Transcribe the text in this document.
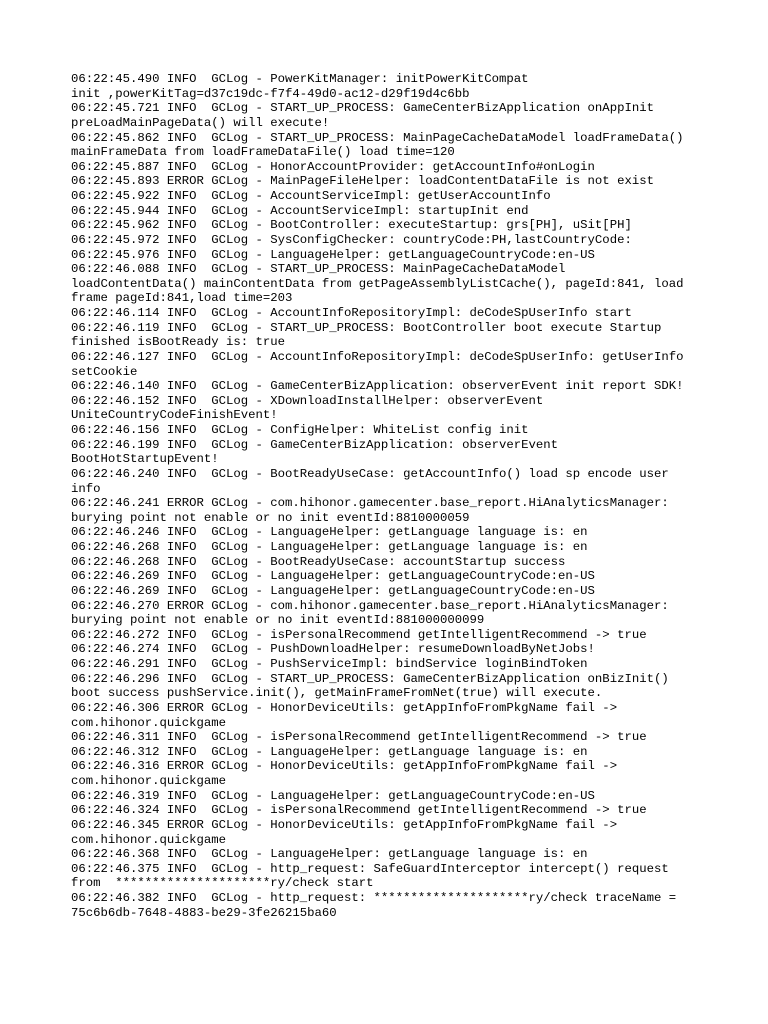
06:22:45.490 INFO  GCLog - PowerKitManager: initPowerKitCompat
init ,powerKitTag=d37c19dc-f7f4-49d0-ac12-d29f19d4c6bb
06:22:45.721 INFO  GCLog - START_UP_PROCESS: GameCenterBizApplication onAppInit
preLoadMainPageData() will execute!
06:22:45.862 INFO  GCLog - START_UP_PROCESS: MainPageCacheDataModel loadFrameData()
mainFrameData from loadFrameDataFile() load time=120
06:22:45.887 INFO  GCLog - HonorAccountProvider: getAccountInfo#onLogin
06:22:45.893 ERROR GCLog - MainPageFileHelper: loadContentDataFile is not exist
06:22:45.922 INFO  GCLog - AccountServiceImpl: getUserAccountInfo
06:22:45.944 INFO  GCLog - AccountServiceImpl: startupInit end
06:22:45.962 INFO  GCLog - BootController: executeStartup: grs[PH], uSit[PH]
06:22:45.972 INFO  GCLog - SysConfigChecker: countryCode:PH,lastCountryCode:
06:22:45.976 INFO  GCLog - LanguageHelper: getLanguageCountryCode:en-US
06:22:46.088 INFO  GCLog - START_UP_PROCESS: MainPageCacheDataModel
loadContentData() mainContentData from getPageAssemblyListCache(), pageId:841, load
frame pageId:841,load time=203
06:22:46.114 INFO  GCLog - AccountInfoRepositoryImpl: deCodeSpUserInfo start
06:22:46.119 INFO  GCLog - START_UP_PROCESS: BootController boot execute Startup
finished isBootReady is: true
06:22:46.127 INFO  GCLog - AccountInfoRepositoryImpl: deCodeSpUserInfo: getUserInfo
setCookie
06:22:46.140 INFO  GCLog - GameCenterBizApplication: observerEvent init report SDK!
06:22:46.152 INFO  GCLog - XDownloadInstallHelper: observerEvent
UniteCountryCodeFinishEvent!
06:22:46.156 INFO  GCLog - ConfigHelper: WhiteList config init
06:22:46.199 INFO  GCLog - GameCenterBizApplication: observerEvent
BootHotStartupEvent!
06:22:46.240 INFO  GCLog - BootReadyUseCase: getAccountInfo() load sp encode user
info
06:22:46.241 ERROR GCLog - com.hihonor.gamecenter.base_report.HiAnalyticsManager:
burying point not enable or no init eventId:8810000059
06:22:46.246 INFO  GCLog - LanguageHelper: getLanguage language is: en
06:22:46.268 INFO  GCLog - LanguageHelper: getLanguage language is: en
06:22:46.268 INFO  GCLog - BootReadyUseCase: accountStartup success
06:22:46.269 INFO  GCLog - LanguageHelper: getLanguageCountryCode:en-US
06:22:46.269 INFO  GCLog - LanguageHelper: getLanguageCountryCode:en-US
06:22:46.270 ERROR GCLog - com.hihonor.gamecenter.base_report.HiAnalyticsManager:
burying point not enable or no init eventId:881000000099
06:22:46.272 INFO  GCLog - isPersonalRecommend getIntelligentRecommend -> true
06:22:46.274 INFO  GCLog - PushDownloadHelper: resumeDownloadByNetJobs!
06:22:46.291 INFO  GCLog - PushServiceImpl: bindService loginBindToken
06:22:46.296 INFO  GCLog - START_UP_PROCESS: GameCenterBizApplication onBizInit()
boot success pushService.init(), getMainFrameFromNet(true) will execute.
06:22:46.306 ERROR GCLog - HonorDeviceUtils: getAppInfoFromPkgName fail ->
com.hihonor.quickgame
06:22:46.311 INFO  GCLog - isPersonalRecommend getIntelligentRecommend -> true
06:22:46.312 INFO  GCLog - LanguageHelper: getLanguage language is: en
06:22:46.316 ERROR GCLog - HonorDeviceUtils: getAppInfoFromPkgName fail ->
com.hihonor.quickgame
06:22:46.319 INFO  GCLog - LanguageHelper: getLanguageCountryCode:en-US
06:22:46.324 INFO  GCLog - isPersonalRecommend getIntelligentRecommend -> true
06:22:46.345 ERROR GCLog - HonorDeviceUtils: getAppInfoFromPkgName fail ->
com.hihonor.quickgame
06:22:46.368 INFO  GCLog - LanguageHelper: getLanguage language is: en
06:22:46.375 INFO  GCLog - http_request: SafeGuardInterceptor intercept() request
from  *********************ry/check start
06:22:46.382 INFO  GCLog - http_request: *********************ry/check traceName =
75c6b6db-7648-4883-be29-3fe26215ba60
